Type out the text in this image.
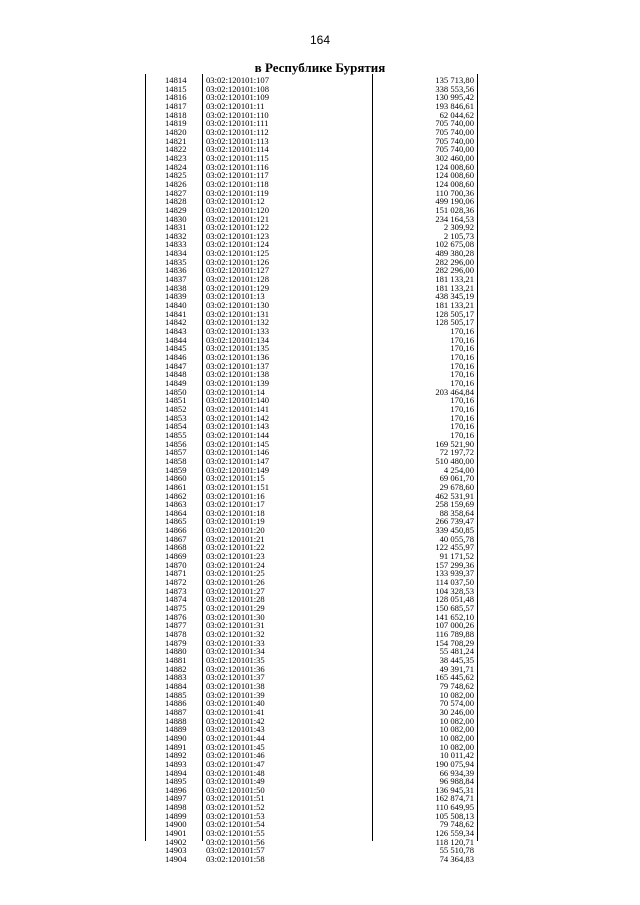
164
в Республике Бурятия
14814	03:02:120101:107	135 713,80
14815	03:02:120101:108	338 553,56
14816	03:02:120101:109	130 995,42
14817	03:02:120101:11	193 846,61
14818	03:02:120101:110	62 044,62
14819	03:02:120101:111	705 740,00
14820	03:02:120101:112	705 740,00
14821	03:02:120101:113	705 740,00
14822	03:02:120101:114	705 740,00
14823	03:02:120101:115	302 460,00
14824	03:02:120101:116	124 008,60
14825	03:02:120101:117	124 008,60
14826	03:02:120101:118	124 008,60
14827	03:02:120101:119	110 700,36
14828	03:02:120101:12	499 190,06
14829	03:02:120101:120	151 028,36
14830	03:02:120101:121	234 164,53
14831	03:02:120101:122	2 309,92
14832	03:02:120101:123	2 105,73
14833	03:02:120101:124	102 675,08
14834	03:02:120101:125	489 380,28
14835	03:02:120101:126	282 296,00
14836	03:02:120101:127	282 296,00
14837	03:02:120101:128	181 133,21
14838	03:02:120101:129	181 133,21
14839	03:02:120101:13	438 345,19
14840	03:02:120101:130	181 133,21
14841	03:02:120101:131	128 505,17
14842	03:02:120101:132	128 505,17
14843	03:02:120101:133	170,16
14844	03:02:120101:134	170,16
14845	03:02:120101:135	170,16
14846	03:02:120101:136	170,16
14847	03:02:120101:137	170,16
14848	03:02:120101:138	170,16
14849	03:02:120101:139	170,16
14850	03:02:120101:14	203 464,84
14851	03:02:120101:140	170,16
14852	03:02:120101:141	170,16
14853	03:02:120101:142	170,16
14854	03:02:120101:143	170,16
14855	03:02:120101:144	170,16
14856	03:02:120101:145	169 521,90
14857	03:02:120101:146	72 197,72
14858	03:02:120101:147	510 480,00
14859	03:02:120101:149	4 254,00
14860	03:02:120101:15	69 061,70
14861	03:02:120101:151	29 678,60
14862	03:02:120101:16	462 531,91
14863	03:02:120101:17	258 159,69
14864	03:02:120101:18	88 358,64
14865	03:02:120101:19	266 739,47
14866	03:02:120101:20	339 450,85
14867	03:02:120101:21	40 055,78
14868	03:02:120101:22	122 455,97
14869	03:02:120101:23	91 171,52
14870	03:02:120101:24	157 299,36
14871	03:02:120101:25	133 939,37
14872	03:02:120101:26	114 037,50
14873	03:02:120101:27	104 328,53
14874	03:02:120101:28	128 051,48
14875	03:02:120101:29	150 685,57
14876	03:02:120101:30	141 652,10
14877	03:02:120101:31	107 000,26
14878	03:02:120101:32	116 789,88
14879	03:02:120101:33	154 708,29
14880	03:02:120101:34	55 481,24
14881	03:02:120101:35	38 445,35
14882	03:02:120101:36	49 391,71
14883	03:02:120101:37	165 445,62
14884	03:02:120101:38	79 748,62
14885	03:02:120101:39	10 082,00
14886	03:02:120101:40	70 574,00
14887	03:02:120101:41	30 246,00
14888	03:02:120101:42	10 082,00
14889	03:02:120101:43	10 082,00
14890	03:02:120101:44	10 082,00
14891	03:02:120101:45	10 082,00
14892	03:02:120101:46	10 011,42
14893	03:02:120101:47	190 075,94
14894	03:02:120101:48	66 934,39
14895	03:02:120101:49	96 988,84
14896	03:02:120101:50	136 945,31
14897	03:02:120101:51	162 874,71
14898	03:02:120101:52	110 649,95
14899	03:02:120101:53	105 508,13
14900	03:02:120101:54	79 748,62
14901	03:02:120101:55	126 559,34
14902	03:02:120101:56	118 120,71
14903	03:02:120101:57	55 510,78
14904	03:02:120101:58	74 364,83
